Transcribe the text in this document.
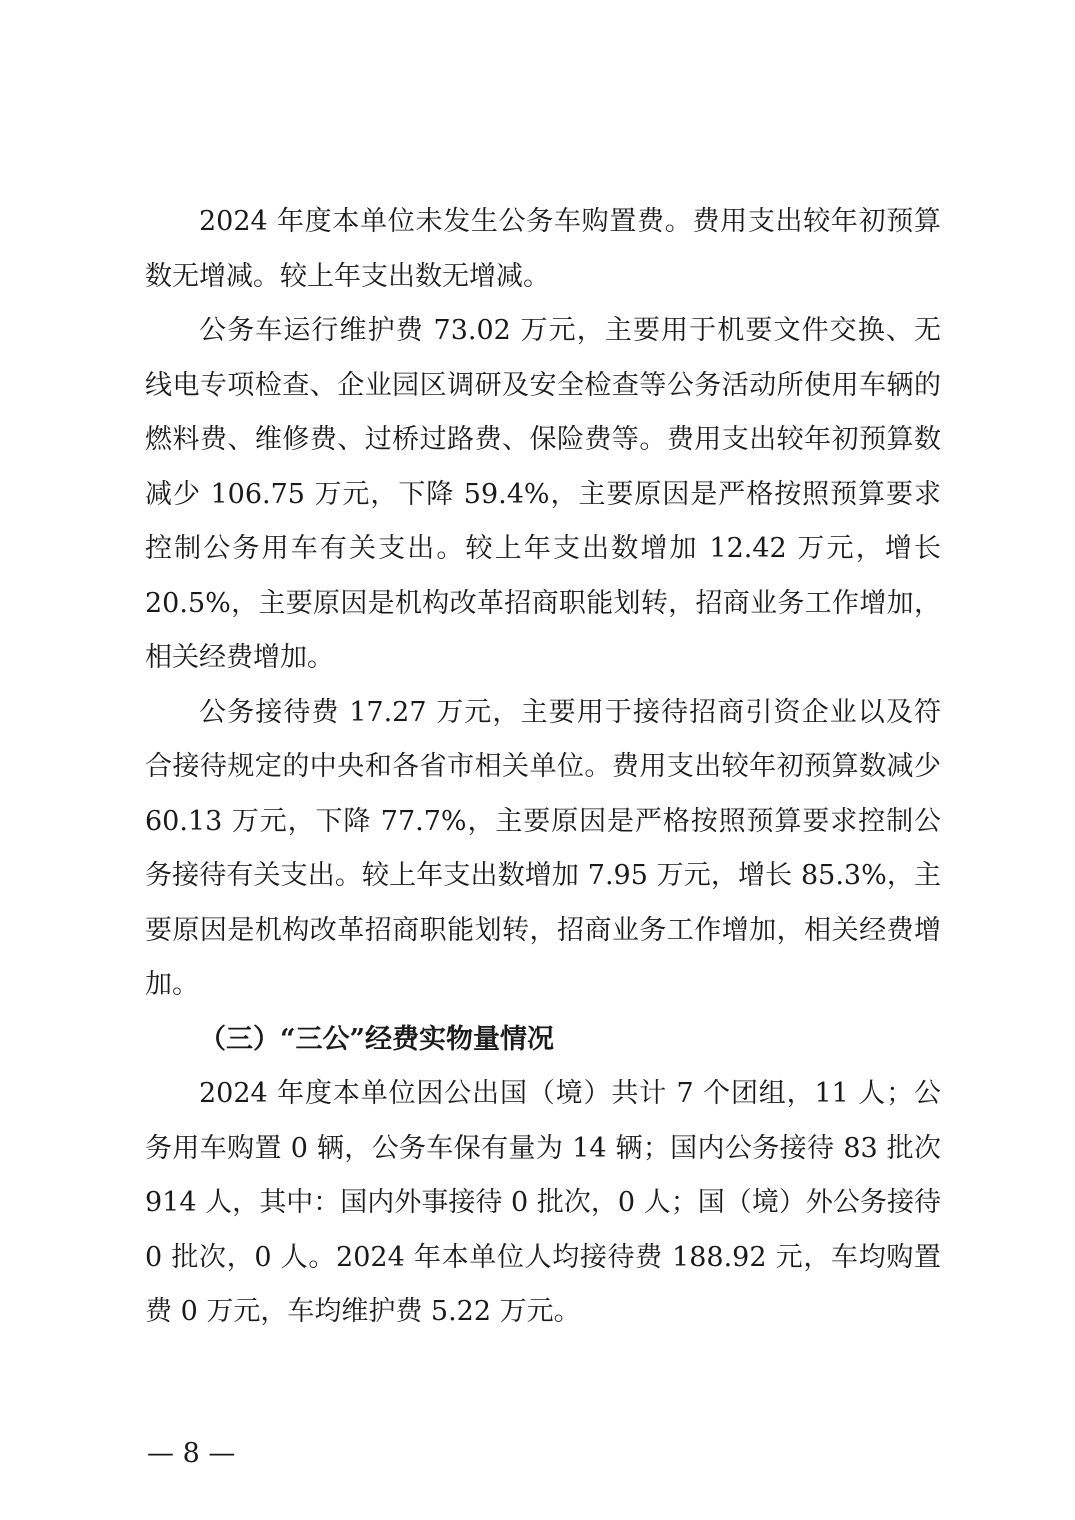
2024 年度本单位未发生公务车购置费。费用支出较年初预算数无增减。较上年支出数无增减。

公务车运行维护费 73.02 万元，主要用于机要文件交换、无线电专项检查、企业园区调研及安全检查等公务活动所使用车辆的燃料费、维修费、过桥过路费、保险费等。费用支出较年初预算数减少 106.75 万元，下降 59.4%，主要原因是严格按照预算要求控制公务用车有关支出。较上年支出数增加 12.42 万元，增长 20.5%，主要原因是机构改革招商职能划转，招商业务工作增加，相关经费增加。

公务接待费 17.27 万元，主要用于接待招商引资企业以及符合接待规定的中央和各省市相关单位。费用支出较年初预算数减少 60.13 万元，下降 77.7%，主要原因是严格按照预算要求控制公务接待有关支出。较上年支出数增加 7.95 万元，增长 85.3%，主要原因是机构改革招商职能划转，招商业务工作增加，相关经费增加。

（三）“三公”经费实物量情况

2024 年度本单位因公出国（境）共计 7 个团组，11 人；公务用车购置 0 辆，公务车保有量为 14 辆；国内公务接待 83 批次 914 人，其中：国内外事接待 0 批次，0 人；国（境）外公务接待 0 批次，0 人。2024 年本单位人均接待费 188.92 元，车均购置费 0 万元，车均维护费 5.22 万元。

— 8 —
